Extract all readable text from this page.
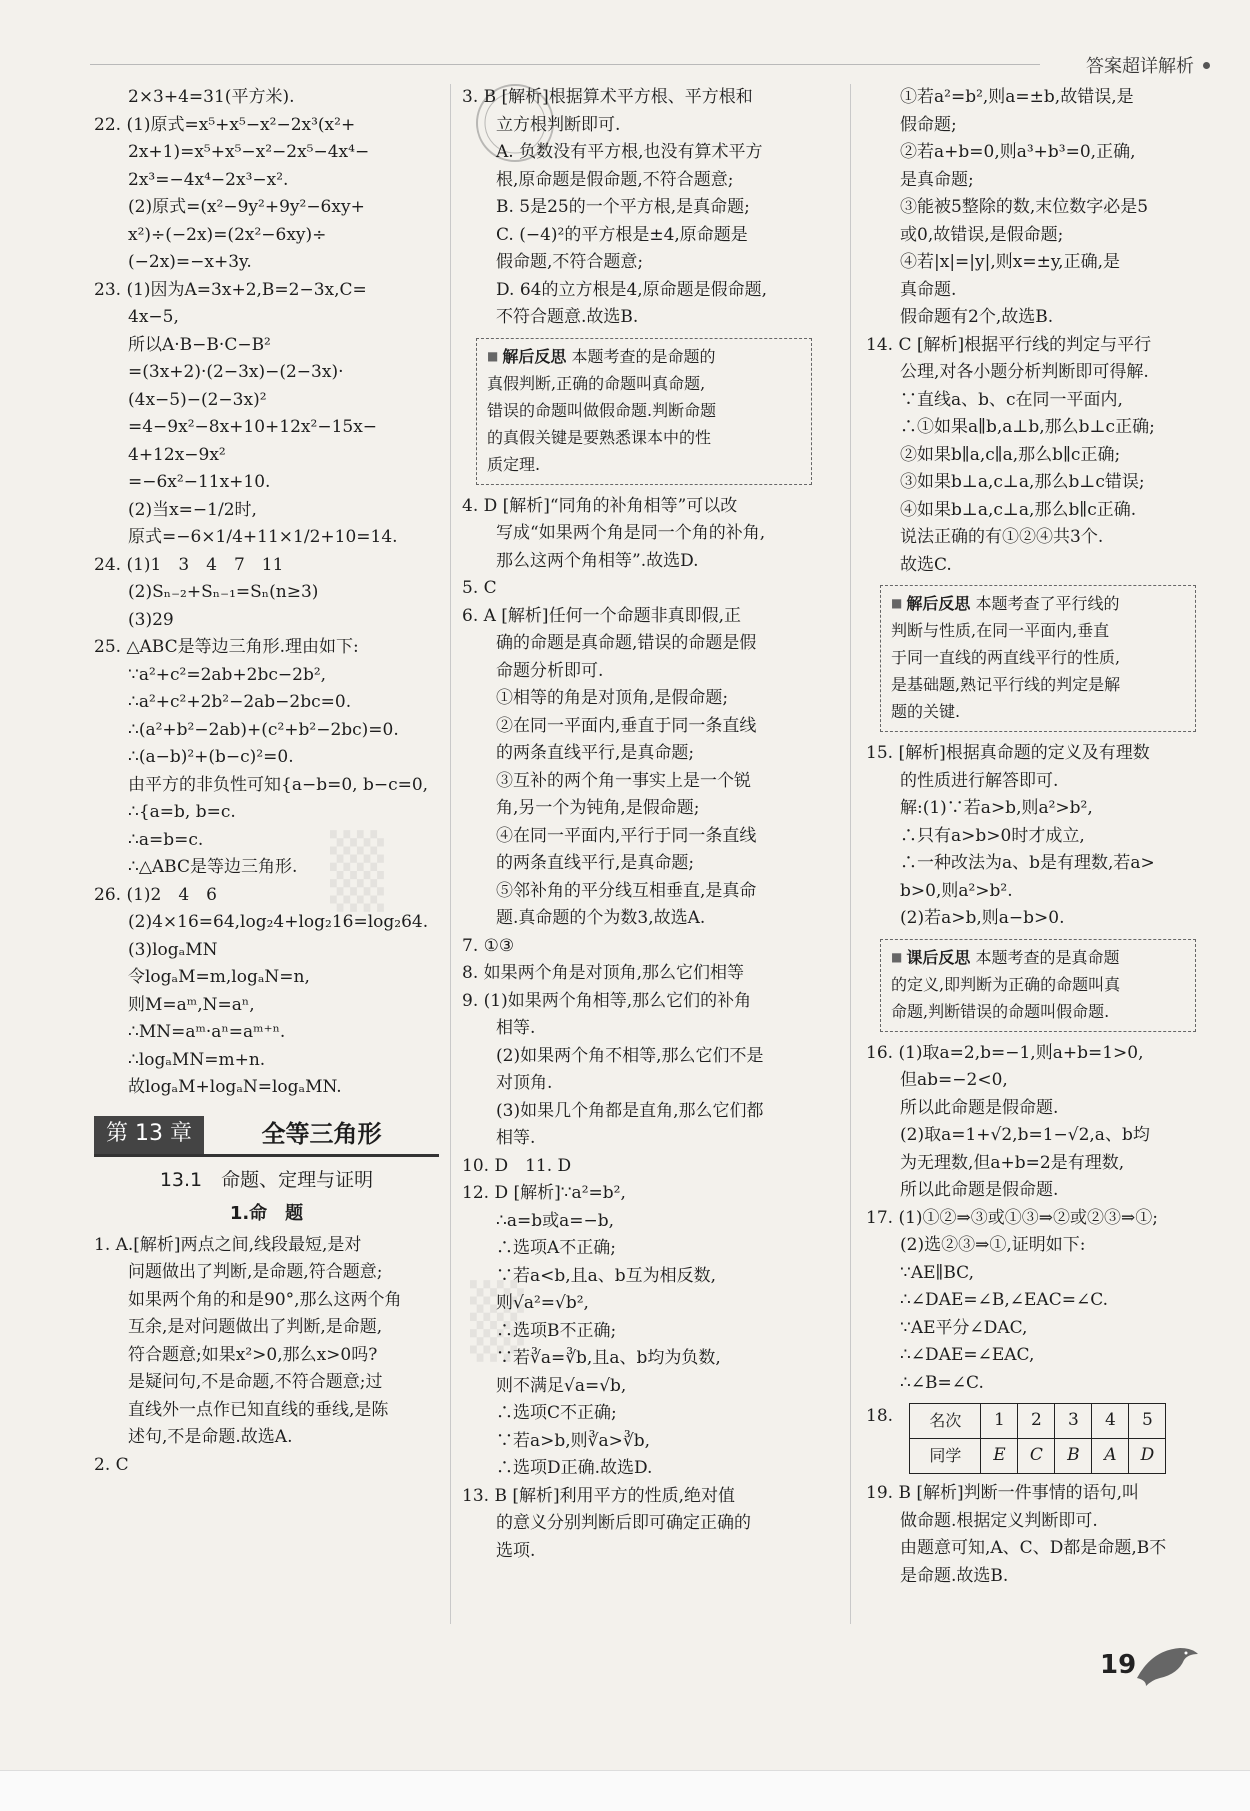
答案超详解析
▒
▒
2×3+4=31(平方米).
22. (1)原式=x⁵+x⁵−x²−2x³(x²+
2x+1)=x⁵+x⁵−x²−2x⁵−4x⁴−
2x³=−4x⁴−2x³−x².
(2)原式=(x²−9y²+9y²−6xy+
x²)÷(−2x)=(2x²−6xy)÷
(−2x)=−x+3y.
23. (1)因为A=3x+2,B=2−3x,C=
4x−5,
所以A·B−B·C−B²
=(3x+2)·(2−3x)−(2−3x)·
(4x−5)−(2−3x)²
=4−9x²−8x+10+12x²−15x−
4+12x−9x²
=−6x²−11x+10.
(2)当x=−1/2时,
原式=−6×1/4+11×1/2+10=14.
24. (1)1　3　4　7　11
(2)Sₙ₋₂+Sₙ₋₁=Sₙ(n≥3)
(3)29
25. △ABC是等边三角形.理由如下:
∵a²+c²=2ab+2bc−2b²,
∴a²+c²+2b²−2ab−2bc=0.
∴(a²+b²−2ab)+(c²+b²−2bc)=0.
∴(a−b)²+(b−c)²=0.
由平方的非负性可知{a−b=0, b−c=0,
∴{a=b, b=c.
∴a=b=c.
∴△ABC是等边三角形.
26. (1)2　4　6
(2)4×16=64,log₂4+log₂16=log₂64.
(3)logₐMN
令logₐM=m,logₐN=n,
则M=aᵐ,N=aⁿ,
∴MN=aᵐ·aⁿ=aᵐ⁺ⁿ.
∴logₐMN=m+n.
故logₐM+logₐN=logₐMN.
第 13 章	全等三角形
13.1　命题、定理与证明
1.命　题
1. A.[解析]两点之间,线段最短,是对
问题做出了判断,是命题,符合题意;
如果两个角的和是90°,那么这两个角
互余,是对问题做出了判断,是命题,
符合题意;如果x²>0,那么x>0吗?
是疑问句,不是命题,不符合题意;过
直线外一点作已知直线的垂线,是陈
述句,不是命题.故选A.
2. C
3. B [解析]根据算术平方根、平方根和
立方根判断即可.
A. 负数没有平方根,也没有算术平方
根,原命题是假命题,不符合题意;
B. 5是25的一个平方根,是真命题;
C. (−4)²的平方根是±4,原命题是
假命题,不符合题意;
D. 64的立方根是4,原命题是假命题,
不符合题意.故选B.
■ 解后反思 本题考查的是命题的
真假判断,正确的命题叫真命题,
错误的命题叫做假命题.判断命题
的真假关键是要熟悉课本中的性
质定理.
4. D [解析]“同角的补角相等”可以改
写成“如果两个角是同一个角的补角,
那么这两个角相等”.故选D.
5. C
6. A [解析]任何一个命题非真即假,正
确的命题是真命题,错误的命题是假
命题分析即可.
①相等的角是对顶角,是假命题;
②在同一平面内,垂直于同一条直线
的两条直线平行,是真命题;
③互补的两个角一事实上是一个锐
角,另一个为钝角,是假命题;
④在同一平面内,平行于同一条直线
的两条直线平行,是真命题;
⑤邻补角的平分线互相垂直,是真命
题.真命题的个为数3,故选A.
7. ①③
8. 如果两个角是对顶角,那么它们相等
9. (1)如果两个角相等,那么它们的补角
相等.
(2)如果两个角不相等,那么它们不是
对顶角.
(3)如果几个角都是直角,那么它们都
相等.
10. D　11. D
12. D [解析]∵a²=b²,
∴a=b或a=−b,
∴选项A不正确;
∵若a<b,且a、b互为相反数,
则√a²=√b²,
∴选项B不正确;
∵若∛a=∛b,且a、b均为负数,
则不满足√a=√b,
∴选项C不正确;
∵若a>b,则∛a>∛b,
∴选项D正确.故选D.
13. B [解析]利用平方的性质,绝对值
的意义分别判断后即可确定正确的
选项.
①若a²=b²,则a=±b,故错误,是
假命题;
②若a+b=0,则a³+b³=0,正确,
是真命题;
③能被5整除的数,末位数字必是5
或0,故错误,是假命题;
④若|x|=|y|,则x=±y,正确,是
真命题.
假命题有2个,故选B.
14. C [解析]根据平行线的判定与平行
公理,对各小题分析判断即可得解.
∵直线a、b、c在同一平面内,
∴①如果a∥b,a⊥b,那么b⊥c正确;
②如果b∥a,c∥a,那么b∥c正确;
③如果b⊥a,c⊥a,那么b⊥c错误;
④如果b⊥a,c⊥a,那么b∥c正确.
说法正确的有①②④共3个.
故选C.
■ 解后反思 本题考查了平行线的
判断与性质,在同一平面内,垂直
于同一直线的两直线平行的性质,
是基础题,熟记平行线的判定是解
题的关键.
15. [解析]根据真命题的定义及有理数
的性质进行解答即可.
解:(1)∵若a>b,则a²>b²,
∴只有a>b>0时才成立,
∴一种改法为a、b是有理数,若a>
b>0,则a²>b².
(2)若a>b,则a−b>0.
■ 课后反思 本题考查的是真命题
的定义,即判断为正确的命题叫真
命题,判断错误的命题叫假命题.
16. (1)取a=2,b=−1,则a+b=1>0,
但ab=−2<0,
所以此命题是假命题.
(2)取a=1+√2,b=1−√2,a、b均
为无理数,但a+b=2是有理数,
所以此命题是假命题.
17. (1)①②⇒③或①③⇒②或②③⇒①;
(2)选②③⇒①,证明如下:
∵AE∥BC,
∴∠DAE=∠B,∠EAC=∠C.
∵AE平分∠DAC,
∴∠DAE=∠EAC,
∴∠B=∠C.
18. 名次	1	2	3	4	5
同学	E	C	B	A	D
19. B [解析]判断一件事情的语句,叫
做命题.根据定义判断即可.
由题意可知,A、C、D都是命题,B不
是命题.故选B.
19
